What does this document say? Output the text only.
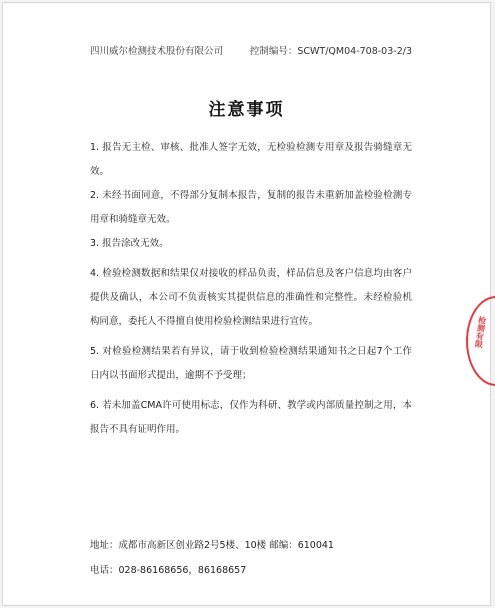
四川威尔检测技术股份有限公司	控制编号：SCWT/QM04-708-03-2/3
注意事项
1. 报告无主检、审核、批准人签字无效，无检验检测专用章及报告骑缝章无效。
2. 未经书面同意，不得部分复制本报告，复制的报告未重新加盖检验检测专用章和骑缝章无效。
3. 报告涂改无效。
4. 检验检测数据和结果仅对接收的样品负责，样品信息及客户信息均由客户提供及确认，本公司不负责核实其提供信息的准确性和完整性。未经检验机构同意，委托人不得擅自使用检验检测结果进行宣传。
5. 对检验检测结果若有异议，请于收到检验检测结果通知书之日起7个工作日内以书面形式提出，逾期不予受理；
6. 若未加盖CMA许可使用标志，仅作为科研、教学或内部质量控制之用，本报告不具有证明作用。
地址：成都市高新区创业路2号5楼、10楼 邮编：610041
电话：028-86168656，86168657
检测有限
